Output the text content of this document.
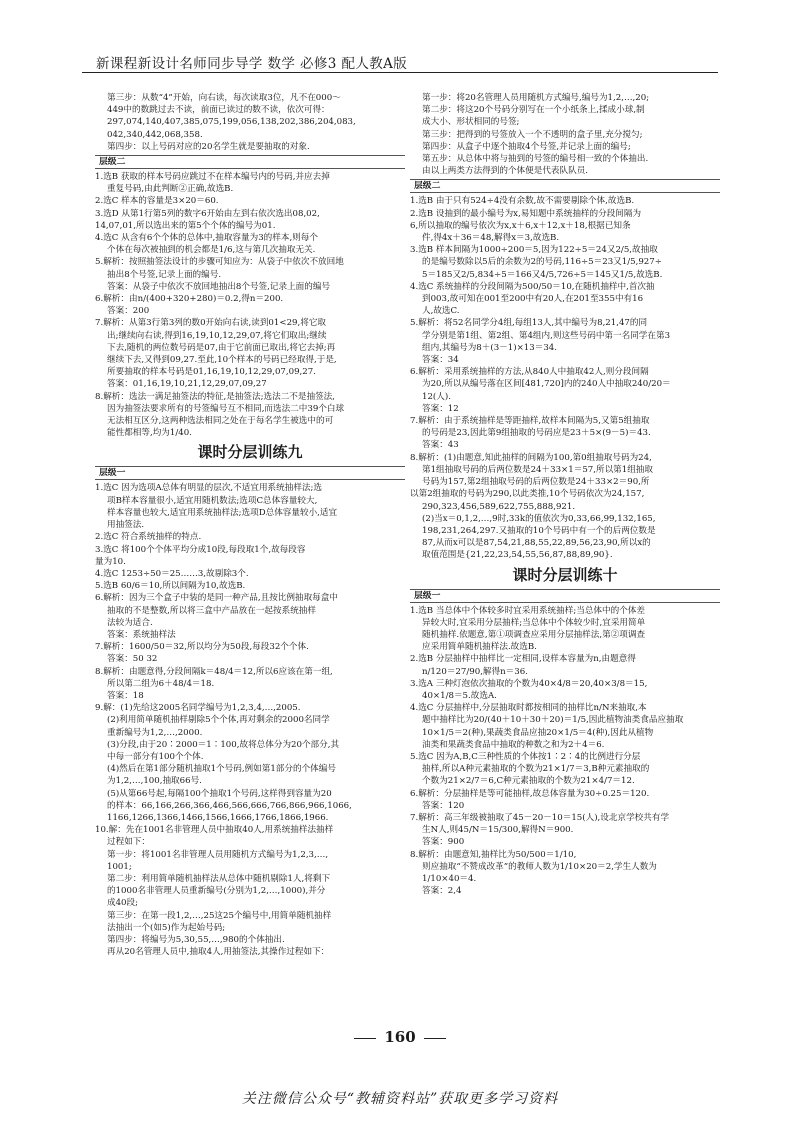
新课程新设计名师同步导学 数学 必修3 配人教A版
第三步：从数“4”开始，向右读，每次读取3位，凡不在000～
449中的数跳过去不读，前面已读过的数不读，依次可得：
297,074,140,407,385,075,199,056,138,202,386,204,083,
042,340,442,068,358.
第四步：以上号码对应的20名学生就是要抽取的对象.
层级二
1.选B 获取的样本号码应跳过不在样本编号内的号码,并应去掉
重复号码,由此判断②正确,故选B.
2.选C 样本的容量是3×20＝60.
3.选D 从第1行第5列的数字6开始由左到右依次选出08,02,
14,07,01,所以选出来的第5个个体的编号为01.
4.选C 从含有6个个体的总体中,抽取容量为3的样本,则每个
个体在每次被抽到的机会都是1/6,这与第几次抽取无关.
5.解析：按照抽签法设计的步骤可知应为：从袋子中依次不放回地
抽出8个号签,记录上面的编号.
答案：从袋子中依次不放回地抽出8个号签,记录上面的编号
6.解析：由n/(400+320+280)＝0.2,得n＝200.
答案：200
7.解析：从第3行第3列的数0开始向右读,读到01<29,将它取
出;继续向右读,得到16,19,10,12,29,07,将它们取出;继续
下去,随机的两位数号码是07,由于它前面已取出,将它去掉;再
继续下去,又得到09,27.至此,10个样本的号码已经取得,于是,
所要抽取的样本号码是01,16,19,10,12,29,07,09,27.
答案：01,16,19,10,21,12,29,07,09,27
8.解析：选法一满足抽签法的特征,是抽签法;选法二不是抽签法,
因为抽签法要求所有的号签编号互不相同,而选法二中39个白球
无法相互区分,这两种选法相同之处在于每名学生被选中的可
能性都相等,均为1/40.
课时分层训练九
层级一
1.选C 因为选项A总体有明显的层次,不适宜用系统抽样法;选
项B样本容量很小,适宜用随机数法;选项C总体容量较大,
样本容量也较大,适宜用系统抽样法;选项D总体容量较小,适宜
用抽签法.
2.选C 符合系统抽样的特点.
3.选C 将100个个体平均分成10段,每段取1个,故每段容
量为10.
4.选C 1253÷50＝25……3,故剔除3个.
5.选B 60/6＝10,所以间隔为10,故选B.
6.解析：因为三个盒子中装的是同一种产品,且按比例抽取每盒中
抽取的不是整数,所以将三盒中产品放在一起按系统抽样
法较为适合.
答案：系统抽样法
7.解析：1600/50＝32,所以均分为50段,每段32个个体.
答案：50 32
8.解析：由题意得,分段间隔k＝48/4＝12,所以6应该在第一组,
所以第二组为6＋48/4＝18.
答案：18
9.解：(1)先给这2005名同学编号为1,2,3,4,…,2005.
(2)利用简单随机抽样剔除5个个体,再对剩余的2000名同学
重新编号为1,2,…,2000.
(3)分段,由于20∶2000＝1∶100,故将总体分为20个部分,其
中每一部分有100个个体.
(4)然后在第1部分随机抽取1个号码,例如第1部分的个体编号
为1,2,…,100,抽取66号.
(5)从第66号起,每隔100个抽取1个号码,这样得到容量为20
的样本：66,166,266,366,466,566,666,766,866,966,1066,
1166,1266,1366,1466,1566,1666,1766,1866,1966.
10.解：先在1001名非管理人员中抽取40人,用系统抽样法抽样
过程如下：
第一步：将1001名非管理人员用随机方式编号为1,2,3,…,
1001;
第二步：利用简单随机抽样法从总体中随机剔除1人,将剩下
的1000名非管理人员重新编号(分别为1,2,…,1000),并分
成40段;
第三步：在第一段1,2,…,25这25个编号中,用简单随机抽样
法抽出一个(如5)作为起始号码;
第四步：将编号为5,30,55,…,980的个体抽出.
再从20名管理人员中,抽取4人,用抽签法,其操作过程如下：
第一步：将20名管理人员用随机方式编号,编号为1,2,…,20;
第二步：将这20个号码分别写在一个小纸条上,揉成小球,制
成大小、形状相同的号签;
第三步：把得到的号签放入一个不透明的盒子里,充分搅匀;
第四步：从盒子中逐个抽取4个号签,并记录上面的编号;
第五步：从总体中将与抽到的号签的编号相一致的个体抽出.
由以上两类方法得到的个体便是代表队队员.
层级二
1.选B 由于只有524÷4没有余数,故不需要剔除个体,故选B.
2.选B 设抽到的最小编号为x,易知题中系统抽样的分段间隔为
6,所以抽取的编号依次为x,x＋6,x＋12,x＋18,根据已知条
件,得4x＋36＝48,解得x＝3,故选B.
3.选B 样本间隔为1000÷200＝5,因为122÷5＝24又2/5,故抽取
的是编号数除以5后的余数为2的号码,116÷5＝23又1/5,927÷
5＝185又2/5,834÷5＝166又4/5,726÷5＝145又1/5,故选B.
4.选C 系统抽样的分段间隔为500/50＝10,在随机抽样中,首次抽
到003,故可知在001至200中有20人,在201至355中有16
人,故选C.
5.解析：将52名同学分4组,每组13人,其中编号为8,21,47的同
学分别是第1组、第2组、第4组内,则这些号码中第一名同学在第3
组内,其编号为8＋(3－1)×13＝34.
答案：34
6.解析：采用系统抽样的方法,从840人中抽取42人,则分段间隔
为20,所以从编号落在区间[481,720]内的240人中抽取240/20＝
12(人).
答案：12
7.解析：由于系统抽样是等距抽样,故样本间隔为5,又第5组抽取
的号码是23,因此第9组抽取的号码应是23＋5×(9－5)＝43.
答案：43
8.解析：(1)由题意,知此抽样的间隔为100,第0组抽取号码为24,
第1组抽取号码的后两位数是24＋33×1＝57,所以第1组抽取
号码为157,第2组抽取号码的后两位数是24＋33×2＝90,所
以第2组抽取的号码为290,以此类推,10个号码依次为24,157,
290,323,456,589,622,755,888,921.
(2)当x＝0,1,2,…,9时,33k的值依次为0,33,66,99,132,165,
198,231,264,297.又抽取的10个号码中有一个的后两位数是
87,从而x可以是87,54,21,88,55,22,89,56,23,90,所以x的
取值范围是{21,22,23,54,55,56,87,88,89,90}.
课时分层训练十
层级一
1.选B 当总体中个体较多时宜采用系统抽样;当总体中的个体差
异较大时,宜采用分层抽样;当总体中个体较少时,宜采用简单
随机抽样.依题意,第①项调查应采用分层抽样法,第②项调查
应采用简单随机抽样法.故选B.
2.选B 分层抽样中抽样比一定相同,设样本容量为n,由题意得
n/120＝27/90,解得n＝36.
3.选A 三种灯泡依次抽取的个数为40×4/8＝20,40×3/8＝15,
40×1/8＝5.故选A.
4.选C 分层抽样中,分层抽取时都按相同的抽样比n/N来抽取,本
题中抽样比为20/(40＋10＋30＋20)＝1/5,因此植物油类食品应抽取
10×1/5＝2(种),果蔬类食品应抽20×1/5＝4(种),因此从植物
油类和果蔬类食品中抽取的种数之和为2＋4＝6.
5.选C 因为A,B,C三种性质的个体按1∶2∶4的比例进行分层
抽样,所以A种元素抽取的个数为21×1/7＝3,B种元素抽取的
个数为21×2/7＝6,C种元素抽取的个数为21×4/7＝12.
6.解析：分层抽样是等可能抽样,故总体容量为30÷0.25＝120.
答案：120
7.解析：高三年级被抽取了45－20－10＝15(人),设北京学校共有学
生N人,则45/N＝15/300,解得N＝900.
答案：900
8.解析：由题意知,抽样比为50/500＝1/10,
则应抽取“不赞成改革”的教师人数为1/10×20＝2,学生人数为
1/10×40＝4.
答案：2,4
160
关注微信公众号“教辅资料站”获取更多学习资料
